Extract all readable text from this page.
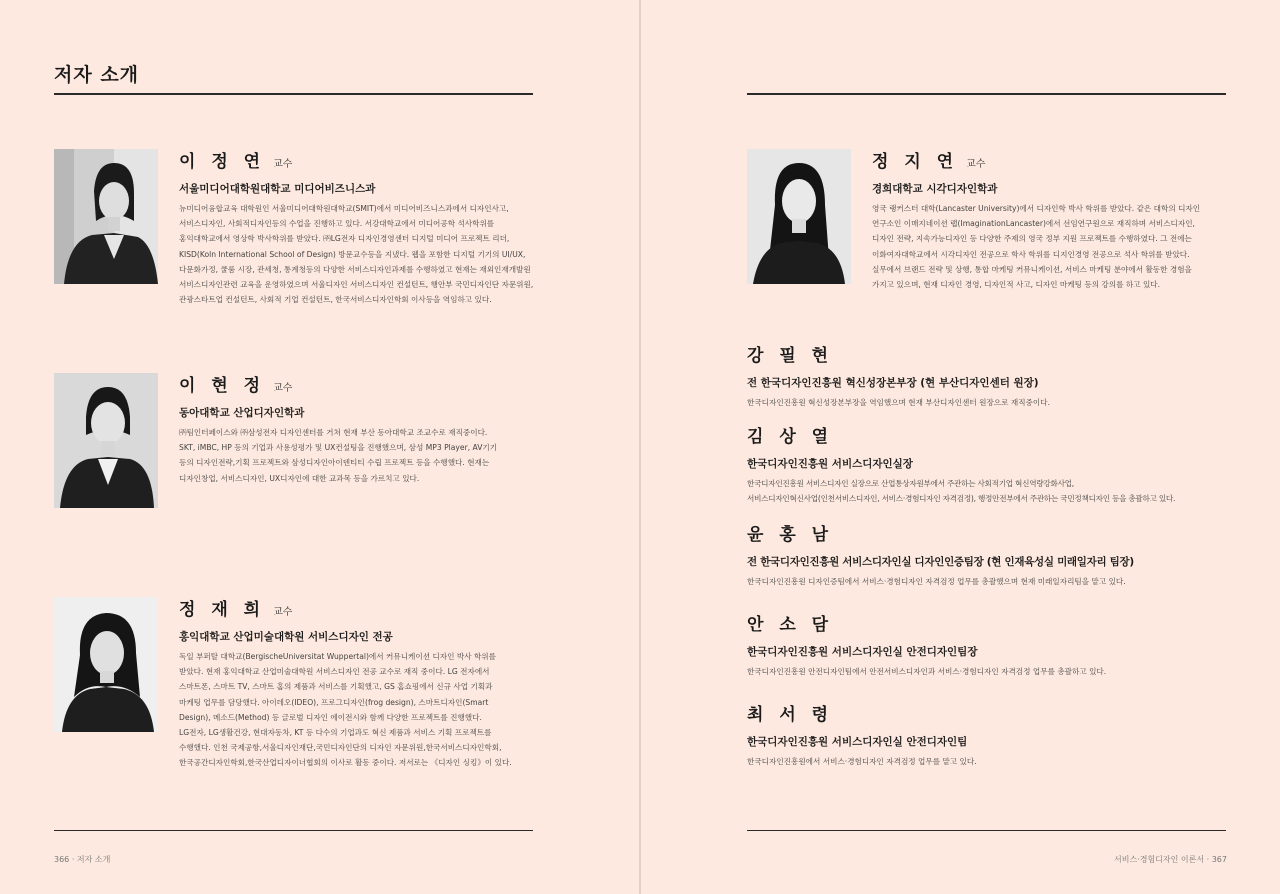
저자 소개
이 정 연 교수
서울미디어대학원대학교 미디어비즈니스과
뉴미디어융합교육 대학원인 서울미디어대학원대학교(SMIT)에서 미디어비즈니스과에서 디자인사고,
서비스디자인, 사회적디자인등의 수업을 진행하고 있다. 서강대학교에서 미디어공학 석사학위를
홍익대학교에서 영상학 박사학위를 받았다. ㈜LG전자 디자인경영센터 디지털 미디어 프로젝트 리더,
KISD(Koln International School of Design) 방문교수등을 지냈다. 웹을 포함한 디지털 기기의 UI/UX,
다문화가정, 쿨룸 시장, 관세청, 통계청등의 다양한 서비스디자인과제를 수행하였고 현재는 재외인재개발원
서비스디자인관련 교육을 운영하였으며 서울디자인 서비스디자인 컨설턴트, 행안부 국민디자인단 자문위원,
관광스타트업 컨설턴트, 사회적 기업 컨설턴트, 한국서비스디자인학회 이사등을 역임하고 있다.
이 현 정 교수
동아대학교 산업디자인학과
㈜팀인터페이스와 ㈜삼성전자 디자인센터를 거쳐 현재 부산 동아대학교 조교수로 재직중이다.
SKT, iMBC, HP 등의 기업과 사용성평가 및 UX컨설팅을 진행했으며, 삼성 MP3 Player, AV기기
등의 디자인전략,기획 프로젝트와 삼성디자인아이덴티티 수립 프로젝트 등을 수행했다. 현재는
디자인창업, 서비스디자인, UX디자인에 대한 교과목 등을 가르치고 있다.
정 재 희 교수
홍익대학교 산업미술대학원 서비스디자인 전공
독일 부퍼탈 대학교(BergischeUniversitat Wuppertal)에서 커뮤니케이션 디자인 박사 학위를
받았다. 현재 홍익대학교 산업미술대학원 서비스디자인 전공 교수로 재직 중이다. LG 전자에서
스마트폰, 스마트 TV, 스마트 홈의 제품과 서비스를 기획했고, GS 홈쇼핑에서 신규 사업 기획과
마케팅 업무를 담당했다. 아이데오(IDEO), 프로그디자인(frog design), 스마트디자인(Smart
Design), 메소드(Method) 등 글로벌 디자인 에이전시와 함께 다양한 프로젝트를 진행했다.
LG전자, LG생활건강, 현대자동차, KT 등 다수의 기업과도 혁신 제품과 서비스 기획 프로젝트를
수행했다. 인천 국제공항,서울디자인재단,국민디자인단의 디자인 자문위원,한국서비스디자인학회,
한국공간디자인학회,한국산업디자이너협회의 이사로 활동 중이다. 저서로는 《디자인 싱킹》이 있다.
366 · 저자 소개
정 지 연 교수
경희대학교 시각디자인학과
영국 랭커스터 대학(Lancaster University)에서 디자인학 박사 학위를 받았다. 같은 대학의 디자인
연구소인 이매지네이션 랩(ImaginationLancaster)에서 선임연구원으로 재직하며 서비스디자인,
디자인 전략, 지속가능디자인 등 다양한 주제의 영국 정부 지원 프로젝트를 수행하였다. 그 전에는
이화여자대학교에서 시각디자인 전공으로 학사 학위를 디지인경영 전공으로 석사 학위를 받았다.
실무에서 브랜드 전략 및 상행, 통합 마케팅 커뮤니케이션, 서비스 마케팅 분야에서 활동한 경험을
가지고 있으며, 현재 디자인 경영, 디자인적 사고, 디자인 마케팅 등의 강의를 하고 있다.
강 필 현
전 한국디자인진흥원 혁신성장본부장 (현 부산디자인센터 원장)
한국디자인진흥원 혁신성장본부장을 역임했으며 현재 부산디자인센터 원장으로 재직중이다.
김 상 열
한국디자인진흥원 서비스디자인실장
한국디자인진흥원 서비스디자인 실장으로 산업통상자원부에서 주관하는 사회적기업 혁신역량강화사업,
서비스디자인혁신사업(인천서비스디자인, 서비스·경험디자인 자격검정), 행정안전부에서 주관하는 국민정책디자인 등을 총괄하고 있다.
윤 홍 남
전 한국디자인진흥원 서비스디자인실 디자인인증팀장 (현 인재육성실 미래일자리 팀장)
한국디자인진흥원 디자인증팀에서 서비스·경험디자인 자격검정 업무를 총괄했으며 현재 미래일자리팀을 맡고 있다.
안 소 담
한국디자인진흥원 서비스디자인실 안전디자인팀장
한국디자인진흥원 안전디자인팀에서 안전서비스디자인과 서비스·경험디자인 자격검정 업무를 총괄하고 있다.
최 서 령
한국디자인진흥원 서비스디자인실 안전디자인팀
한국디자인진흥원에서 서비스·경험디자인 자격검정 업무를 맡고 있다.
서비스·경험디자인 이론서 · 367
